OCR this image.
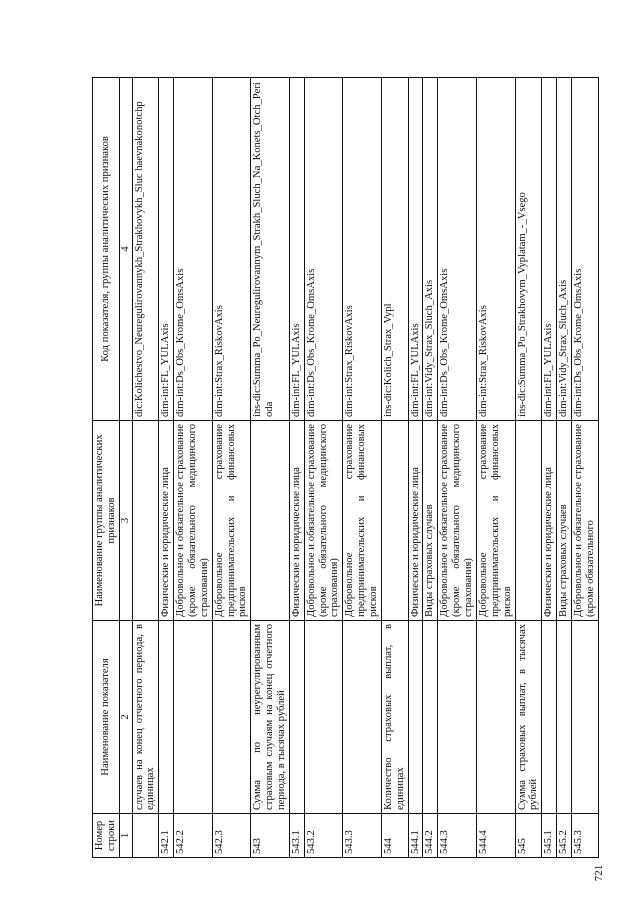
721
Номер строки	Наименование показателя	Наименование группы аналитических признаков	Код показателя, группы аналитических признаков
1	2	3	4
	случаев на конец отчетного периода, в единицах		dic:Kolichestvo_Neuregulirovannykh_Strakhovykh_Sluc haevnakonotchp
542.1		Физические и юридические лица	dim-int:FL_YULAxis
542.2		Добровольное и обязательное страхование (кроме обязательного медицинского страхования)	dim-int:Ds_Obs_Krome_OmsAxis
542.3		Добровольное страхование предпринимательских и финансовых рисков	dim-int:Strax_RiskovAxis
543	Сумма по неурегулированным страховым случаям на конец отчетного периода, в тысячах рублей		ins-dic:Summa_Po_Neuregulirovannym_Strakh_Sluch_Na_Konets_Otch_Perioda
543.1		Физические и юридические лица	dim-int:FL_YULAxis
543.2		Добровольное и обязательное страхование (кроме обязательного медицинского страхования)	dim-int:Ds_Obs_Krome_OmsAxis
543.3		Добровольное страхование предпринимательских и финансовых рисков	dim-int:Strax_RiskovAxis
544	Количество страховых выплат, в единицах		ins-dic:Kolich_Strax_Vypl
544.1		Физические и юридические лица	dim-int:FL_YULAxis
544.2		Виды страховых случаев	dim-int:Vidy_Strax_Sluch_Axis
544.3		Добровольное и обязательное страхование (кроме обязательного медицинского страхования)	dim-int:Ds_Obs_Krome_OmsAxis
544.4		Добровольное страхование предпринимательских и финансовых рисков	dim-int:Strax_RiskovAxis
545	Сумма страховых выплат, в тысячах рублей		ins-dic:Summa_Po_Strakhovym_Vyplatam_-_Vsego
545.1		Физические и юридические лица	dim-int:FL_YULAxis
545.2		Виды страховых случаев	dim-int:Vidy_Strax_Sluch_Axis
545.3		Добровольное и обязательное страхование (кроме обязательного	dim-int:Ds_Obs_Krome_OmsAxis
